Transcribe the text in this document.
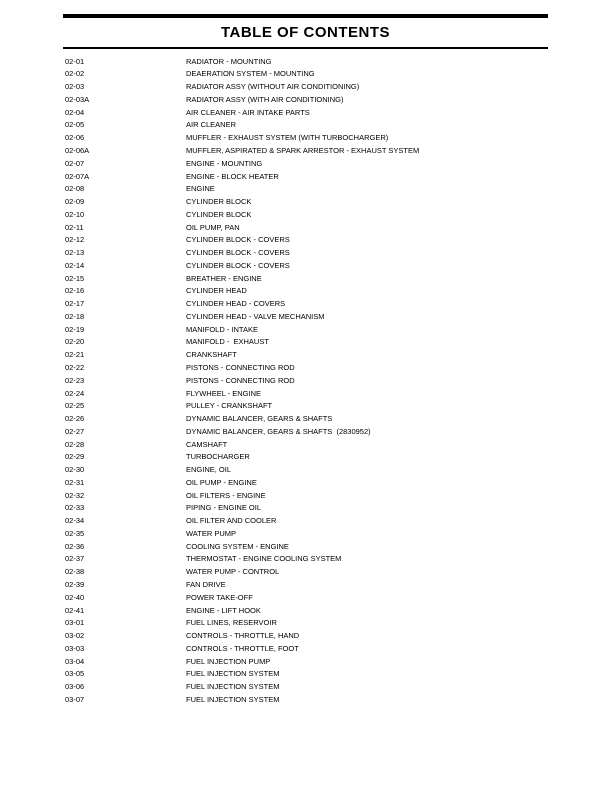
TABLE OF CONTENTS
02-01	RADIATOR - MOUNTING
02-02	DEAERATION SYSTEM - MOUNTING
02-03	RADIATOR ASSY (WITHOUT AIR CONDITIONING)
02-03A	RADIATOR ASSY (WITH AIR CONDITIONING)
02-04	AIR CLEANER - AIR INTAKE PARTS
02-05	AIR CLEANER
02-06	MUFFLER - EXHAUST SYSTEM (WITH TURBOCHARGER)
02-06A	MUFFLER, ASPIRATED & SPARK ARRESTOR - EXHAUST SYSTEM
02-07	ENGINE - MOUNTING
02-07A	ENGINE - BLOCK HEATER
02-08	ENGINE
02-09	CYLINDER BLOCK
02-10	CYLINDER BLOCK
02-11	OIL PUMP, PAN
02-12	CYLINDER BLOCK - COVERS
02-13	CYLINDER BLOCK - COVERS
02-14	CYLINDER BLOCK - COVERS
02-15	BREATHER - ENGINE
02-16	CYLINDER HEAD
02-17	CYLINDER HEAD - COVERS
02-18	CYLINDER HEAD - VALVE MECHANISM
02-19	MANIFOLD - INTAKE
02-20	MANIFOLD -  EXHAUST
02-21	CRANKSHAFT
02-22	PISTONS - CONNECTING ROD
02-23	PISTONS - CONNECTING ROD
02-24	FLYWHEEL - ENGINE
02-25	PULLEY - CRANKSHAFT
02-26	DYNAMIC BALANCER, GEARS & SHAFTS
02-27	DYNAMIC BALANCER, GEARS & SHAFTS  (2830952)
02-28	CAMSHAFT
02-29	TURBOCHARGER
02-30	ENGINE, OIL
02-31	OIL PUMP - ENGINE
02-32	OIL FILTERS - ENGINE
02-33	PIPING - ENGINE OIL
02-34	OIL FILTER AND COOLER
02-35	WATER PUMP
02-36	COOLING SYSTEM - ENGINE
02-37	THERMOSTAT - ENGINE COOLING SYSTEM
02-38	WATER PUMP - CONTROL
02-39	FAN DRIVE
02-40	POWER TAKE-OFF
02-41	ENGINE - LIFT HOOK
03-01	FUEL LINES, RESERVOIR
03-02	CONTROLS - THROTTLE, HAND
03-03	CONTROLS - THROTTLE, FOOT
03-04	FUEL INJECTION PUMP
03-05	FUEL INJECTION SYSTEM
03-06	FUEL INJECTION SYSTEM
03-07	FUEL INJECTION SYSTEM
